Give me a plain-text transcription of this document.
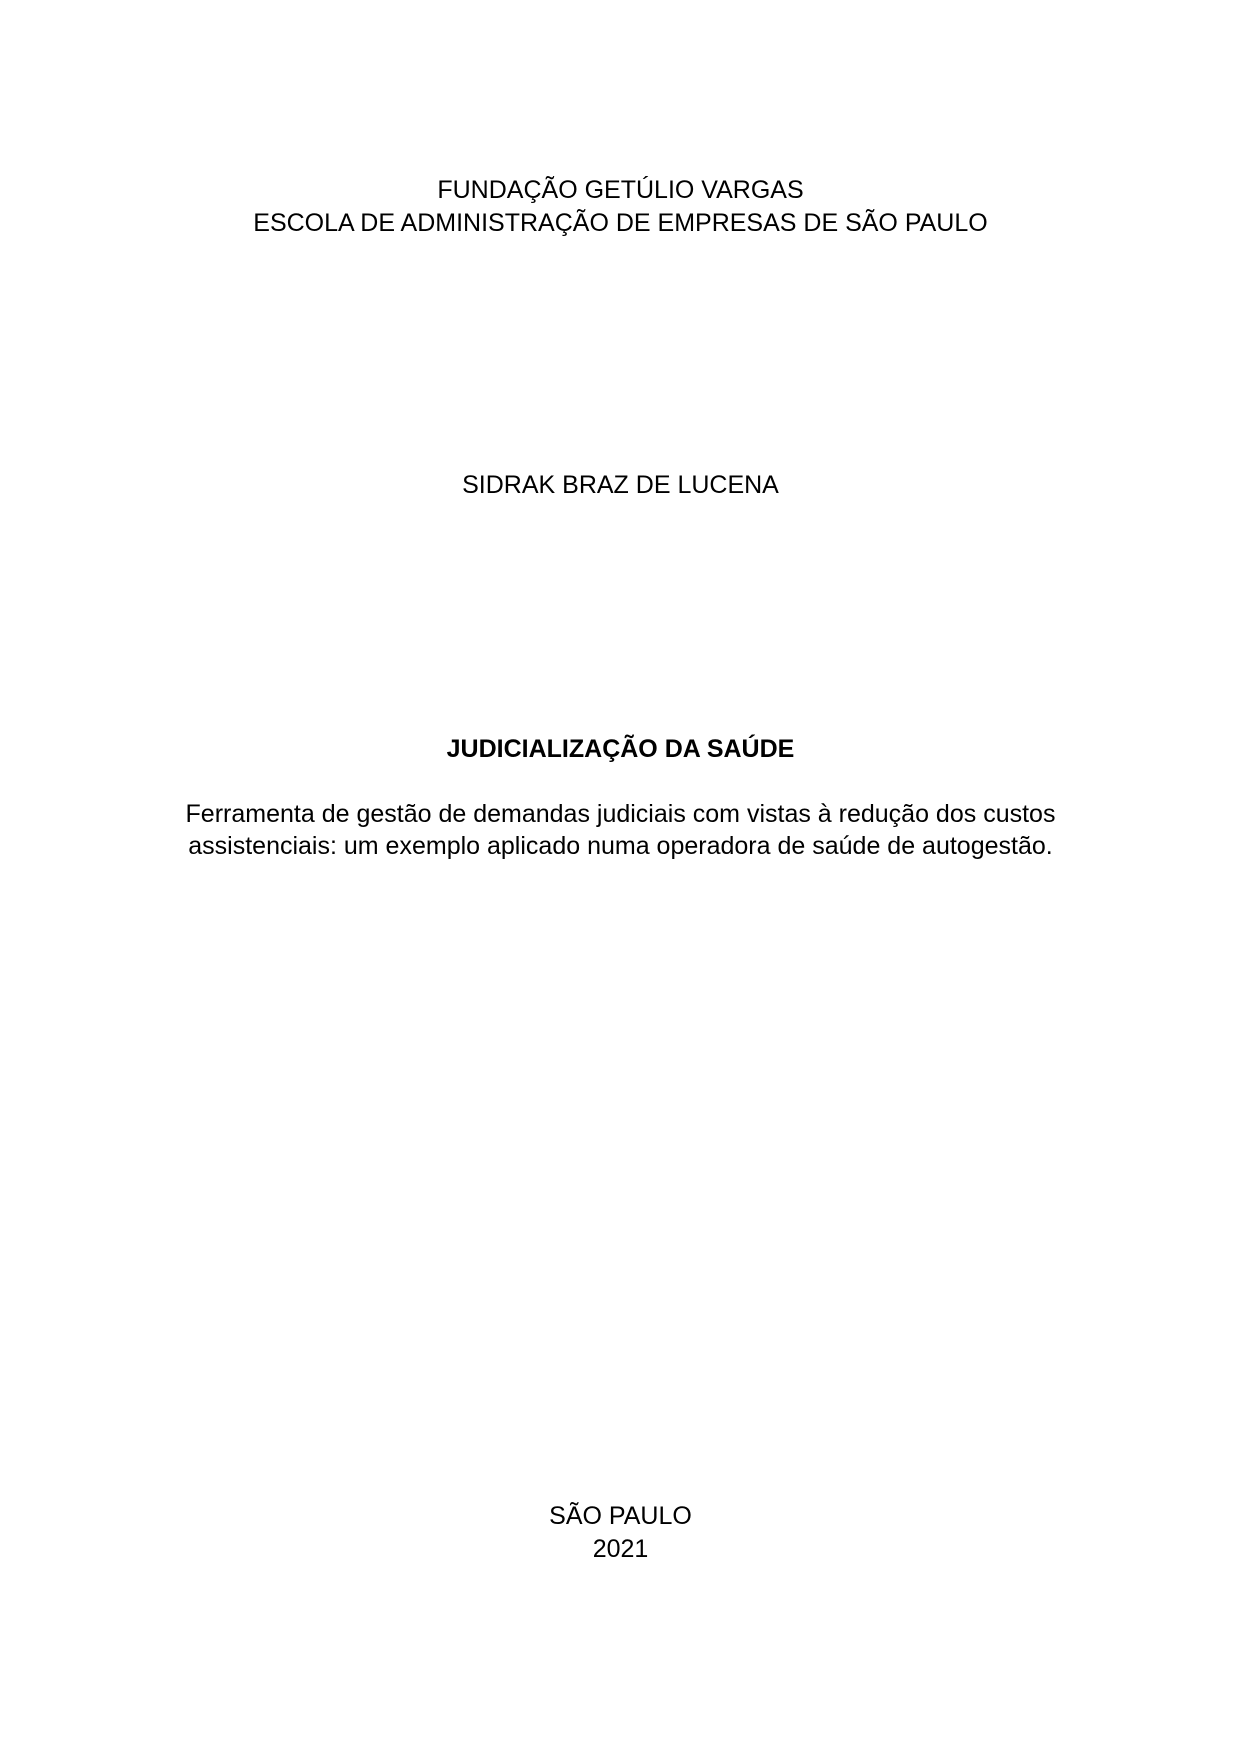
FUNDAÇÃO GETÚLIO VARGAS
ESCOLA DE ADMINISTRAÇÃO DE EMPRESAS DE SÃO PAULO
SIDRAK BRAZ DE LUCENA
JUDICIALIZAÇÃO DA SAÚDE
Ferramenta de gestão de demandas judiciais com vistas à redução dos custos
assistenciais: um exemplo aplicado numa operadora de saúde de autogestão.
SÃO PAULO
2021
